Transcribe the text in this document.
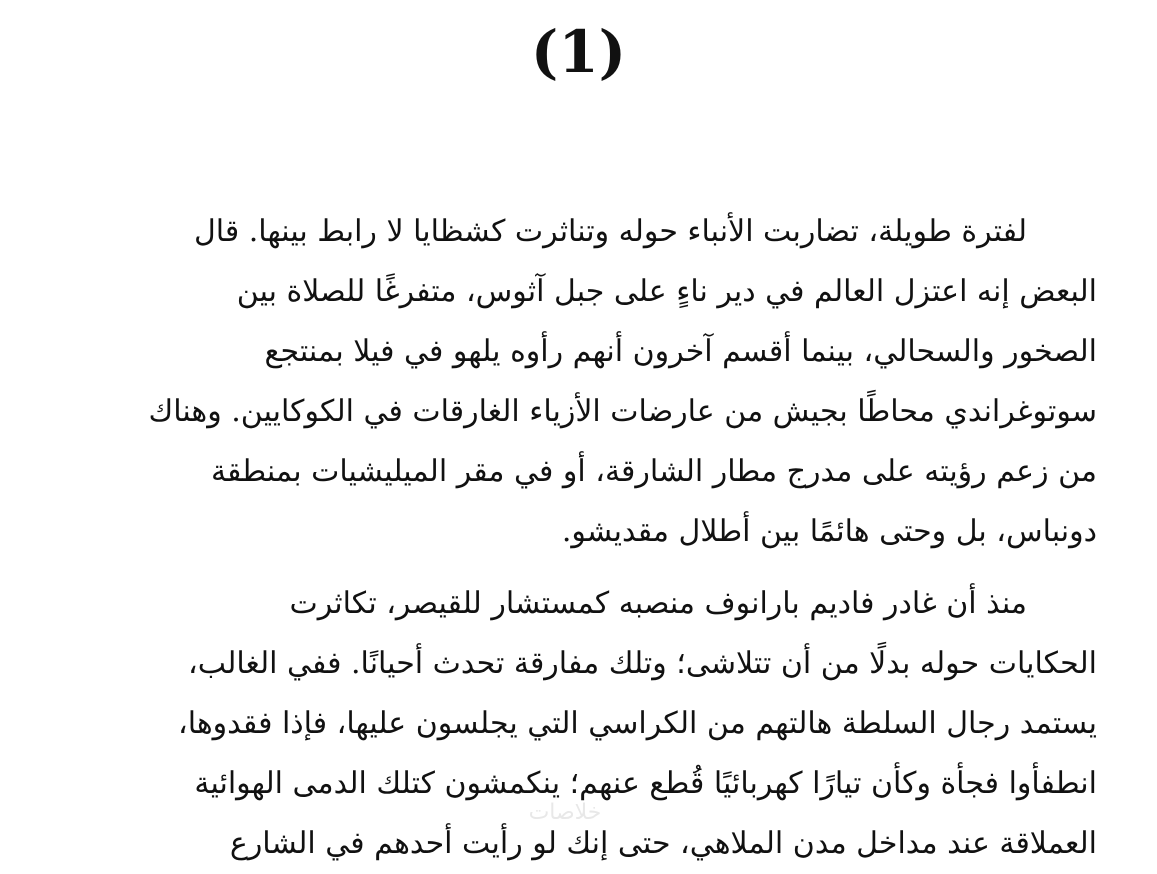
(1)

لفترة طويلة، تضاربت الأنباء حوله وتناثرت كشظايا لا رابط بينها. قال
البعض إنه اعتزل العالم في دير ناءٍ على جبل آثوس، متفرغًا للصلاة بين
الصخور والسحالي، بينما أقسم آخرون أنهم رأوه يلهو في فيلا بمنتجع
سوتوغراندي محاطًا بجيش من عارضات الأزياء الغارقات في الكوكايين. وهناك
من زعم رؤيته على مدرج مطار الشارقة، أو في مقر الميليشيات بمنطقة
دونباس، بل وحتى هائمًا بين أطلال مقديشو.

منذ أن غادر فاديم بارانوف منصبه كمستشار للقيصر، تكاثرت
الحكايات حوله بدلًا من أن تتلاشى؛ وتلك مفارقة تحدث أحيانًا. ففي الغالب،
يستمد رجال السلطة هالتهم من الكراسي التي يجلسون عليها، فإذا فقدوها،
انطفأوا فجأة وكأن تيارًا كهربائيًا قُطع عنهم؛ ينكمشون كتلك الدمى الهوائية
العملاقة عند مداخل مدن الملاهي، حتى إنك لو رأيت أحدهم في الشارع

خلاصات
